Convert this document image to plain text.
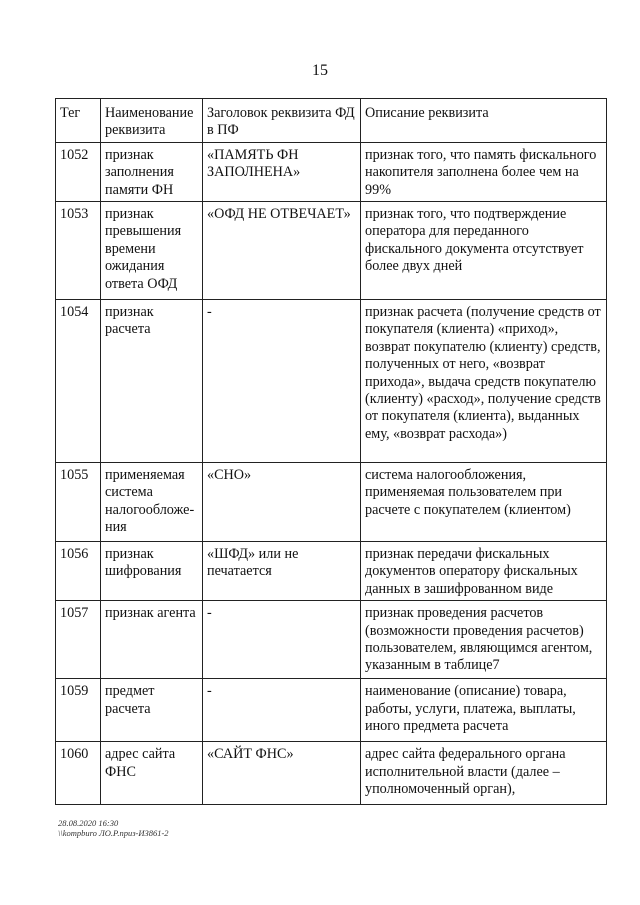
15
Тег	Наименование реквизита	Заголовок реквизита ФД в ПФ	Описание реквизита
1052	признак заполнения памяти ФН	«ПАМЯТЬ ФН ЗАПОЛНЕНА»	признак того, что память фискального накопителя заполнена более чем на 99%
1053	признак превышения времени ожидания ответа ОФД	«ОФД НЕ ОТВЕЧАЕТ»	признак того, что подтверждение оператора для переданного фискального документа отсутствует более двух дней
1054	признак расчета	-	признак расчета (получение средств от покупателя (клиента) «приход», возврат покупателю (клиенту) средств, полученных от него, «возврат прихода», выдача средств покупателю (клиенту) «расход», получение средств от покупателя (клиента), выданных ему, «возврат расхода»)
1055	применяемая система налогообложе-ния	«СНО»	система налогообложения, применяемая пользователем при расчете с покупателем (клиентом)
1056	признак шифрования	«ШФД» или не печатается	признак передачи фискальных документов оператору фискальных данных в зашифрованном виде
1057	признак агента	-	признак проведения расчетов (возможности проведения расчетов) пользователем, являющимся агентом, указанным в таблице7
1059	предмет расчета	-	наименование (описание) товара, работы, услуги, платежа, выплаты, иного предмета расчета
1060	адрес сайта ФНС	«САЙТ ФНС»	адрес сайта федерального органа исполнительной власти (далее – уполномоченный орган),
28.08.2020 16:30
\\kompburo ЛО.Р.приз-ИЗ861-2
